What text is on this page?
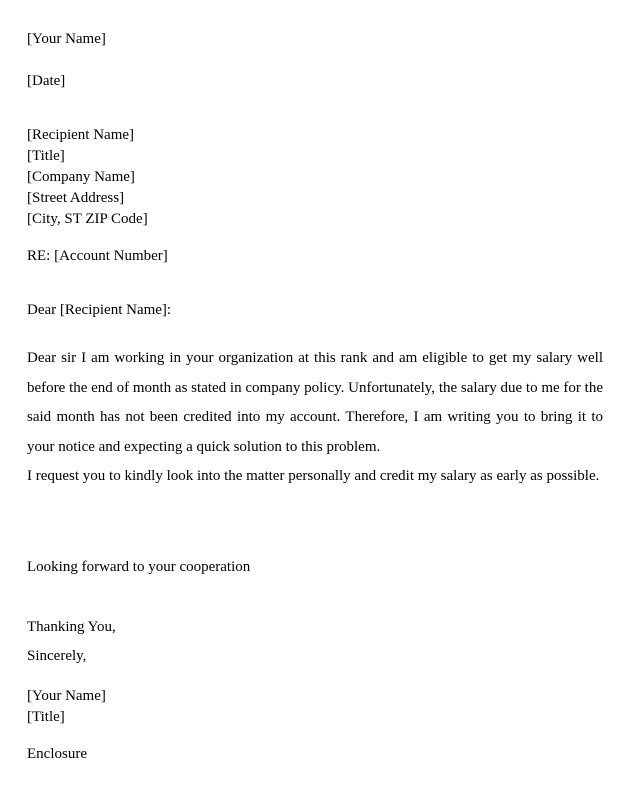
[Your Name]

[Date]

[Recipient Name]
[Title]
[Company Name]
[Street Address]
[City, ST ZIP Code]

RE: [Account Number]

Dear [Recipient Name]:

Dear sir I am working in your organization at this rank and am eligible to get my salary well before the end of month as stated in company policy. Unfortunately, the salary due to me for the said month has not been credited into my account. Therefore, I am writing you to bring it to your notice and expecting a quick solution to this problem.
I request you to kindly look into the matter personally and credit my salary as early as possible.

Looking forward to your cooperation

Thanking You,

Sincerely,

[Your Name]
[Title]

Enclosure
